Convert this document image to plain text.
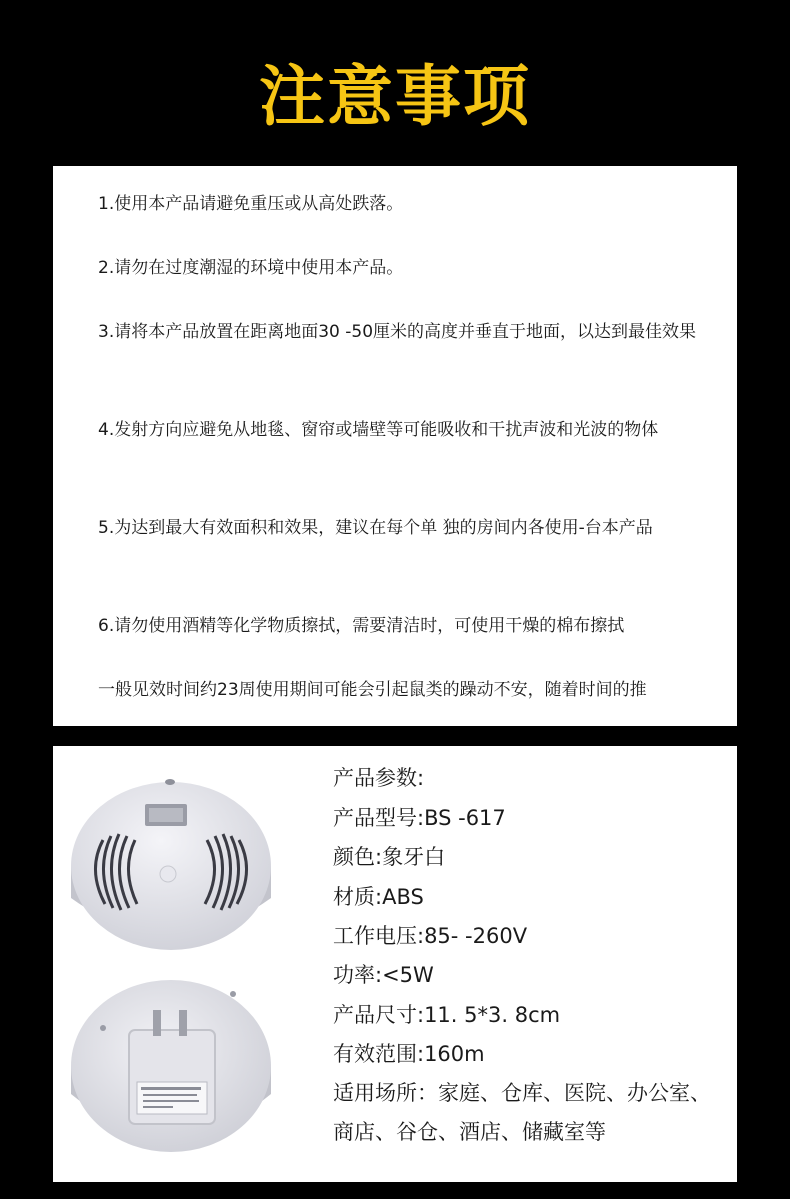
注意事项
1.使用本产品请避免重压或从高处跌落。
2.请勿在过度潮湿的环境中使用本产品。
3.请将本产品放置在距离地面30 -50厘米的高度并垂直于地面，以达到最佳效果
4.发射方向应避免从地毯、窗帘或墙壁等可能吸收和干扰声波和光波的物体
5.为达到最大有效面积和效果，建议在每个单 独的房间内各使用-台本产品
6.请勿使用酒精等化学物质擦拭，需要清洁时，可使用干燥的棉布擦拭
一般见效时间约23周使用期间可能会引起鼠类的躁动不安，随着时间的推
产品参数:
产品型号:BS -617
颜色:象牙白
材质:ABS
工作电压:85- -260V
功率:<5W
产品尺寸:11. 5*3. 8cm
有效范围:160m
适用场所：家庭、仓库、医院、办公室、
商店、谷仓、酒店、储藏室等
